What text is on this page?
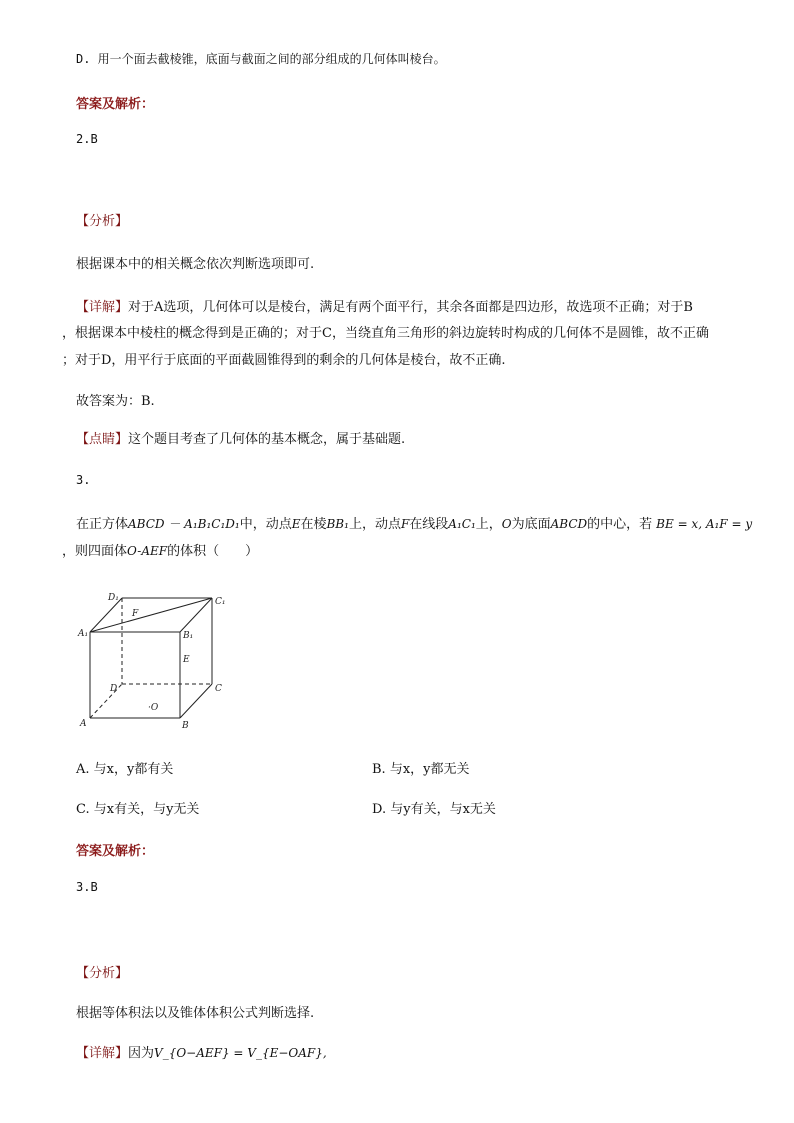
D. 用一个面去截棱锥，底面与截面之间的部分组成的几何体叫棱台。
答案及解析：
2.B
【分析】
根据课本中的相关概念依次判断选项即可.
【详解】对于A选项，几何体可以是棱台，满足有两个面平行，其余各面都是四边形，故选项不正确；对于B
，根据课本中棱柱的概念得到是正确的；对于C，当绕直角三角形的斜边旋转时构成的几何体不是圆锥，故不正确
；对于D，用平行于底面的平面截圆锥得到的剩余的几何体是棱台，故不正确.
故答案为：B.
【点睛】这个题目考查了几何体的基本概念，属于基础题.
3.
在正方体ABCD － A₁B₁C₁D₁中，动点E在棱BB₁上，动点F在线段A₁C₁上，O为底面ABCD的中心，若 BE = x, A₁F = y
，则四面体O-AEF的体积（　　）
D₁	C₁
A₁	B₁
F
E
D	C
A	B
·O
A. 与x，y都有关	B. 与x，y都无关
C. 与x有关，与y无关	D. 与y有关，与x无关
答案及解析：
3.B
【分析】
根据等体积法以及锥体体积公式判断选择.
【详解】因为V_{O−AEF} = V_{E−OAF},
